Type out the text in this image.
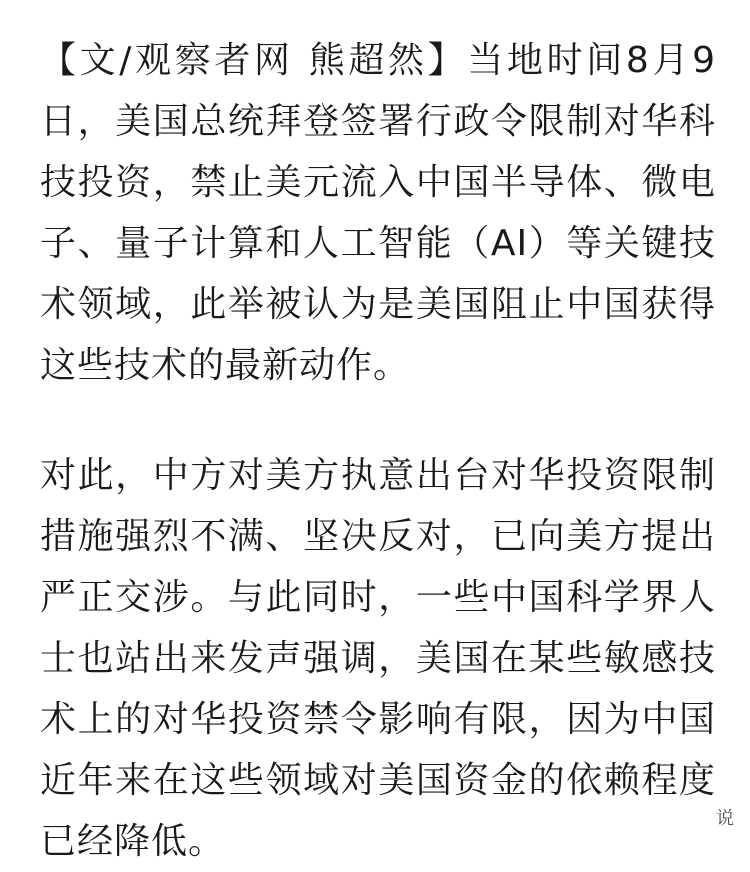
【文/观察者网 熊超然】当地时间8月9日，美国总统拜登签署行政令限制对华科技投资，禁止美元流入中国半导体、微电子、量子计算和人工智能（AI）等关键技术领域，此举被认为是美国阻止中国获得这些技术的最新动作。

对此，中方对美方执意出台对华投资限制措施强烈不满、坚决反对，已向美方提出严正交涉。与此同时，一些中国科学界人士也站出来发声强调，美国在某些敏感技术上的对华投资禁令影响有限，因为中国近年来在这些领域对美国资金的依赖程度已经降低。

说
